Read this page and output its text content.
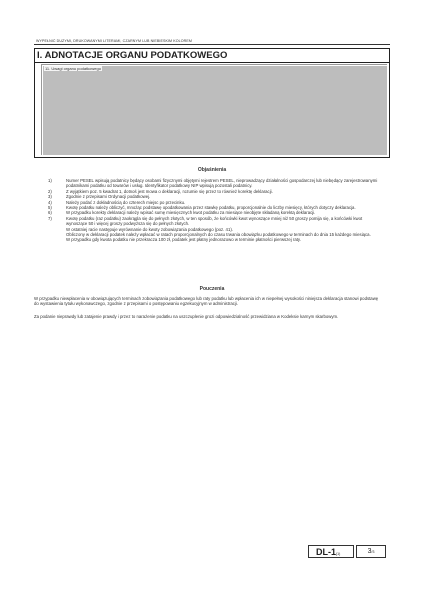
WYPEŁNIĆ DUŻYMI, DRUKOWANYMI LITERAMI, CZARNYM LUB NIEBIESKIM KOLOREM
I. ADNOTACJE ORGANU PODATKOWEGO
11. Uwagi organu podatkowego
Objaśnienia
1)	Numer PESEL wpisują podatnicy będący osobami fizycznymi objętymi rejestrem PESEL, nieprowadzący działalności gospodarczej lub niebędący zarejestrowanymi podatnikami podatku od towarów i usług. Identyfikator podatkowy NIP wpisują pozostali podatnicy.
2)	Z wyjątkiem poz. 5 kwadrat 1, dotnoś jest mowa o deklaracji, rozumie się przez to również korektę deklaracji.
3)	Zgodnie z przepisami Ordynacji podatkowej.
4)	Należy podać z dokładnością do czterech miejsc po przecinku.
5)	Kwotę podatku należy obliczyć, mnożąc podstawę opodatkowania przez stawkę podatku, proporcjonalnie do liczby miesięcy, których dotyczy deklaracja.
6)	W przypadku korekty deklaracji należy wpisać sumę miesięcznych kwot podatku za miesiące nieobjęte składaną korektą deklaracji.
7)	Kwotę podatku (raz podatku) zaokrągla się do pełnych złotych, w ten sposób, że końcówki kwot wynoszące mniej niż 50 groszy pomija się, a końcówki kwot wynoszące 50 i więcej groszy podwyższa się do pełnych złotych.
W ostatniej racie następuje wyrównanie do kwoty zobowiązania podatkowego (poz. 41).
Obliczony w deklaracji podatek należy wpłacać w ratach proporcjonalnych do czasu trwania obowiązku podatkowego w terminach do dnia 15 każdego miesiąca.
W przypadku gdy kwota podatku nie przekracza 100 zł, podatek jest płatny jednorazowo w terminie płatności pierwszej raty.
Pouczenia

W przypadku niewpłacenia w obowiązujących terminach zobowiązania podatkowego lub raty podatku lub wpłacenia ich w niepełnej wysokości niniejsza deklaracja stanowi podstawę do wystawienia tytułu wykonawczego, zgodnie z przepisami o postępowaniu egzekucyjnym w administracji.

Za podanie nieprawdy lub zatajenie prawdy i przez to narażenie podatku na uszczuplenie grozi odpowiedzialność przewidziana w Kodeksie karnym skarbowym.

DL-1(1)	3/3
